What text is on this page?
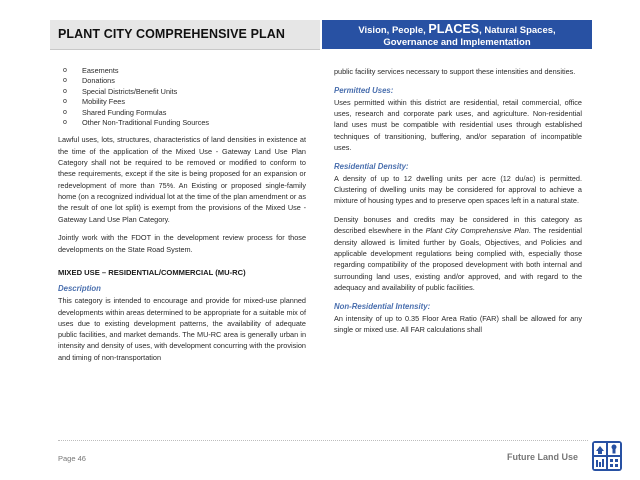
PLANT CITY COMPREHENSIVE PLAN	Vision, People, PLACES, Natural Spaces,
Governance and Implementation
o Easements
o Donations
o Special Districts/Benefit Units
o Mobility Fees
o Shared Funding Formulas
o Other Non-Traditional Funding Sources

Lawful uses, lots, structures, characteristics of land densities in existence at the time of the application of the Mixed Use - Gateway Land Use Plan Category shall not be required to be removed or modified to conform to these requirements, except if the site is being proposed for an expansion or redevelopment of more than 75%. An Existing or proposed single-family home (on a recognized individual lot at the time of the plan amendment or as the result of one lot split) is exempt from the provisions of the Mixed Use - Gateway Land Use Plan Category.

Jointly work with the FDOT in the development review process for those developments on the State Road System.

MIXED USE – RESIDENTIAL/COMMERCIAL (MU-RC)
Description

This category is intended to encourage and provide for mixed-use planned developments within areas determined to be appropriate for a suitable mix of uses due to existing development patterns, the availability of adequate public facilities, and market demands. The MU-RC area is generally urban in intensity and density of uses, with development concurring with the provision and timing of non-transportation

public facility services necessary to support these intensities and densities.

Permitted Uses:

Uses permitted within this district are residential, retail commercial, office uses, research and corporate park uses, and agriculture. Non-residential land uses must be compatible with residential uses through established techniques of transitioning, buffering, and/or separation of incompatible uses.

Residential Density:

A density of up to 12 dwelling units per acre (12 du/ac) is permitted. Clustering of dwelling units may be considered for approval to achieve a mixture of housing types and to preserve open spaces left in a natural state.

Density bonuses and credits may be considered in this category as described elsewhere in the Plant City Comprehensive Plan. The residential density allowed is limited further by Goals, Objectives, and Policies and applicable development regulations being complied with, especially those regarding compatibility of the proposed development with both internal and surrounding land uses, existing and/or approved, and with regard to the adequacy and availability of public facilities.

Non-Residential Intensity:

An intensity of up to 0.35 Floor Area Ratio (FAR) shall be allowed for any single or mixed use. All FAR calculations shall

Page 46	Future Land Use
